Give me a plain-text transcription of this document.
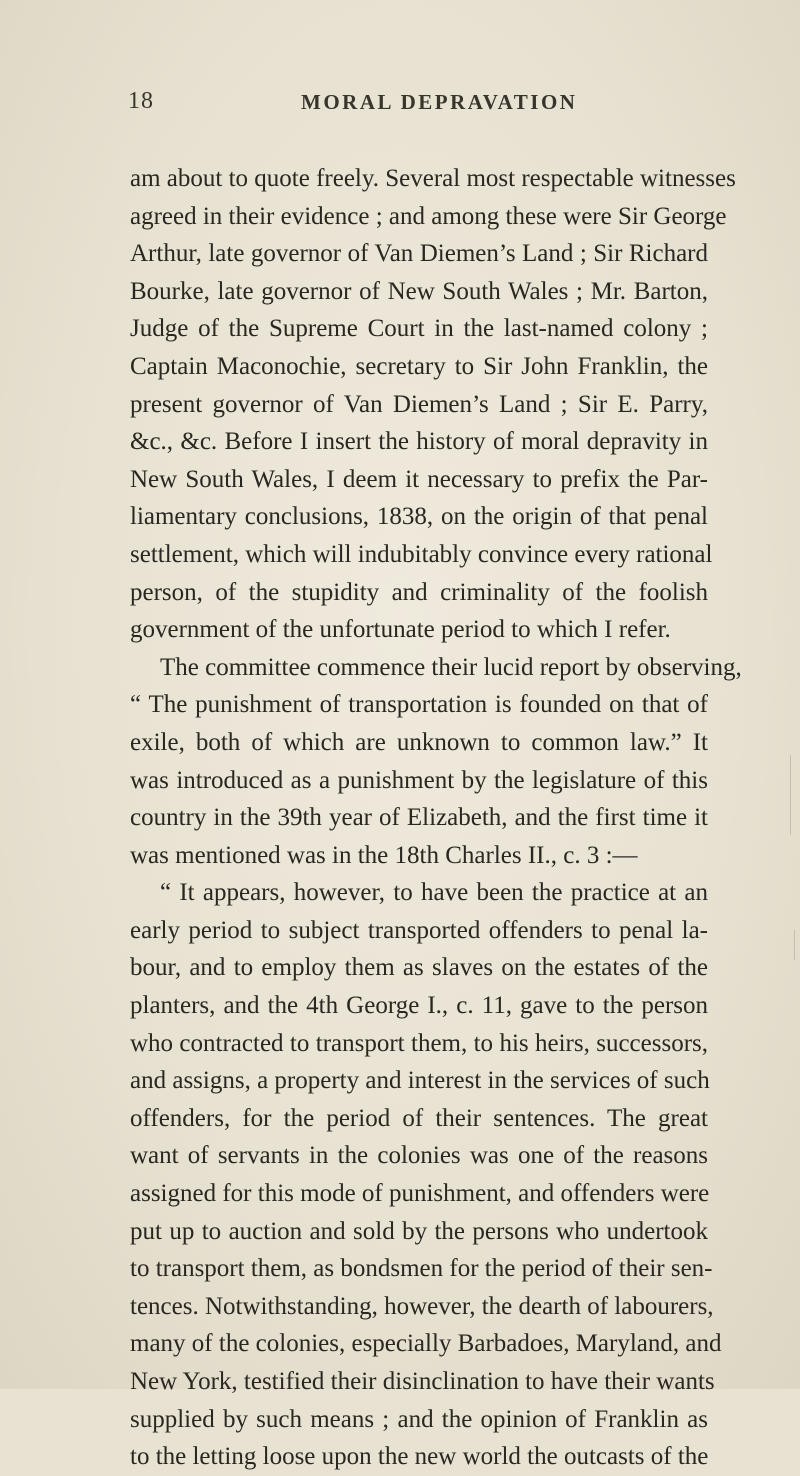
18	MORAL DEPRAVATION
am about to quote freely. Several most respectable witnesses
agreed in their evidence ; and among these were Sir George
Arthur, late governor of Van Diemen’s Land ; Sir Richard
Bourke, late governor of New South Wales ; Mr. Barton,
Judge of the Supreme Court in the last-named colony ;
Captain Maconochie, secretary to Sir John Franklin, the
present governor of Van Diemen’s Land ; Sir E. Parry,
&c., &c. Before I insert the history of moral depravity in
New South Wales, I deem it necessary to prefix the Par-
liamentary conclusions, 1838, on the origin of that penal
settlement, which will indubitably convince every rational
person, of the stupidity and criminality of the foolish
government of the unfortunate period to which I refer.
The committee commence their lucid report by observing,
“ The punishment of transportation is founded on that of
exile, both of which are unknown to common law.” It
was introduced as a punishment by the legislature of this
country in the 39th year of Elizabeth, and the first time it
was mentioned was in the 18th Charles II., c. 3 :—
“ It appears, however, to have been the practice at an
early period to subject transported offenders to penal la-
bour, and to employ them as slaves on the estates of the
planters, and the 4th George I., c. 11, gave to the person
who contracted to transport them, to his heirs, successors,
and assigns, a property and interest in the services of such
offenders, for the period of their sentences. The great
want of servants in the colonies was one of the reasons
assigned for this mode of punishment, and offenders were
put up to auction and sold by the persons who undertook
to transport them, as bondsmen for the period of their sen-
tences. Notwithstanding, however, the dearth of labourers,
many of the colonies, especially Barbadoes, Maryland, and
New York, testified their disinclination to have their wants
supplied by such means ; and the opinion of Franklin as
to the letting loose upon the new world the outcasts of the
